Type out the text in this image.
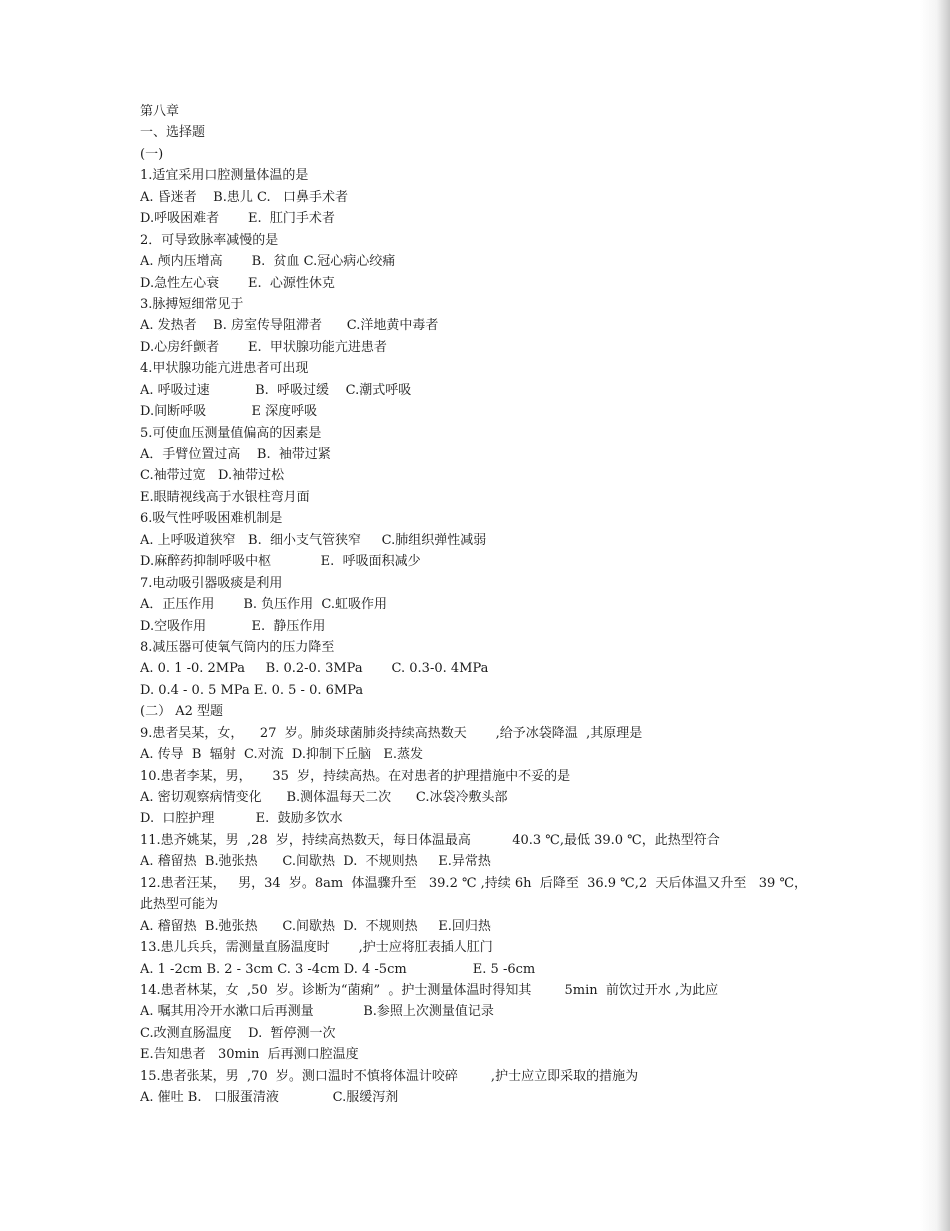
第八章
一、选择题
(一)
1.适宜采用口腔测量体温的是
A. 昏迷者    B.患儿 C.   口鼻手术者
D.呼吸困难者       E.  肛门手术者
2．可导致脉率减慢的是
A. 颅内压增高       B.  贫血 C.冠心病心绞痛
D.急性左心衰       E.  心源性休克
3.脉搏短细常见于
A. 发热者    B. 房室传导阻滞者      C.洋地黄中毒者
D.心房纤颤者       E.  甲状腺功能亢进患者
4.甲状腺功能亢进患者可出现
A. 呼吸过速           B.  呼吸过缓    C.潮式呼吸
D.间断呼吸           E 深度呼吸
5.可使血压测量值偏高的因素是
A．手臂位置过高    B.  袖带过紧
C.袖带过宽   D.袖带过松
E.眼睛视线高于水银柱弯月面
6.吸气性呼吸困难机制是
A. 上呼吸道狭窄   B.  细小支气管狭窄     C.肺组织弹性减弱
D.麻醉药抑制呼吸中枢            E.  呼吸面积减少
7.电动吸引器吸痰是利用
A．正压作用       B. 负压作用  C.虹吸作用
D.空吸作用           E.  静压作用
8.减压器可使氧气筒内的压力降至
A. 0. 1 -0. 2MPa     B. 0.2-0. 3MPa       C. 0.3-0. 4MPa
D. 0.4 - 0. 5 MPa E. 0. 5 - 0. 6MPa
(二） A2 型题
9.患者吴某，女，    27  岁。肺炎球菌肺炎持续高热数天       ,给予冰袋降温  ,其原理是
A. 传导  B  辐射  C.对流  D.抑制下丘脑   E.蒸发
10.患者李某，男，     35  岁，持续高热。在对患者的护理措施中不妥的是
A. 密切观察病情变化      B.测体温每天二次      C.冰袋冷敷头部
D.  口腔护理          E.  鼓励多饮水
11.患齐姚某，男  ,28  岁，持续高热数天，每日体温最高          40.3 ℃,最低 39.0 ℃，此热型符合
A. 稽留热  B.弛张热      C.间歇热  D.  不规则热     E.异常热
12.患者汪某，   男，34  岁。8am  体温骤升至   39.2 ℃ ,持续 6h  后降至  36.9 ℃,2  天后体温又升至   39 ℃，
此热型可能为
A. 稽留热  B.弛张热      C.间歇热  D.  不规则热     E.回归热
13.患儿兵兵，需测量直肠温度时       ,护士应将肛表插人肛门
A. 1 -2cm B. 2 - 3cm C. 3 -4cm D. 4 -5cm                E. 5 -6cm
14.患者林某，女  ,50  岁。诊断为“菌痢”  。护士测量体温时得知其        5min  前饮过开水 ,为此应
A. 嘱其用冷开水漱口后再测量            B.参照上次测量值记录
C.改测直肠温度    D.  暂停测一次
E.告知患者   30min  后再测口腔温度
15.患者张某，男  ,70  岁。测口温时不慎将体温计咬碎        ,护士应立即采取的措施为
A. 催吐 B.   口服蛋清液             C.服缓泻剂
